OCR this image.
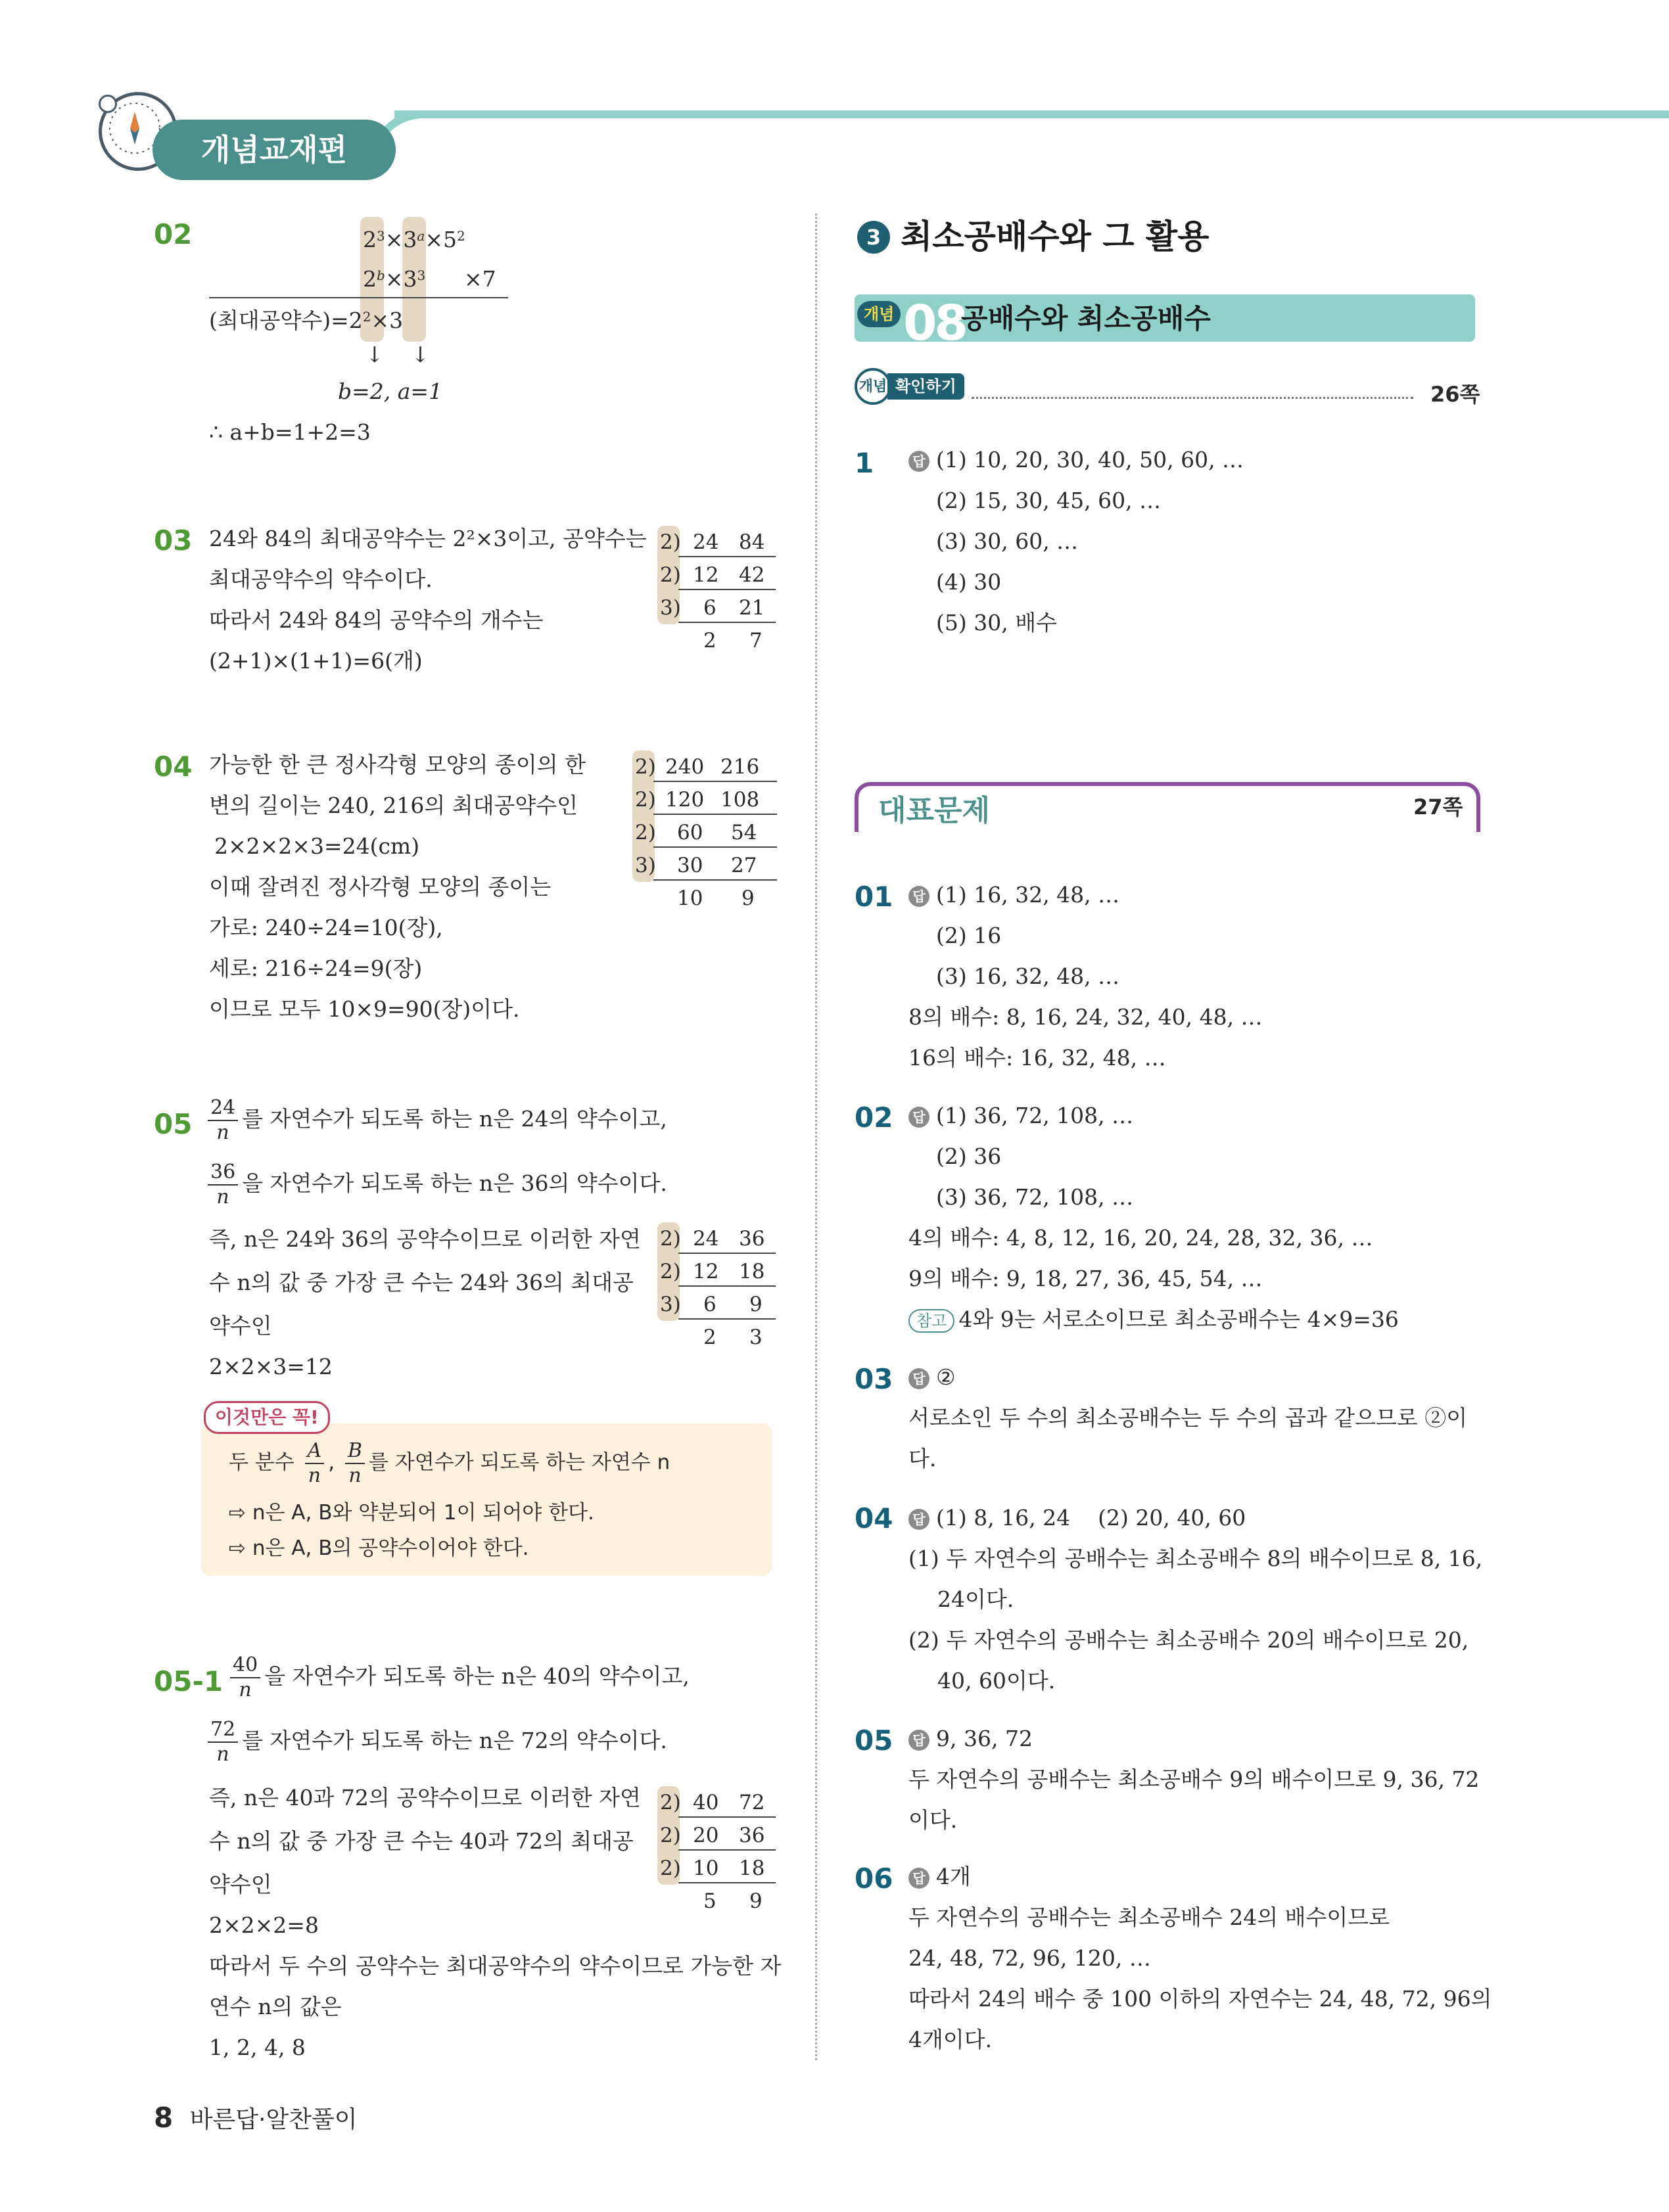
개념교재편
02	$2^3\times 3^a\times 5^2$
$2^b\times 3^3 \times 7$
(최대공약수)$=2^2\times 3$
↓    ↓
b=2, a=1
∴ a+b=1+2=3
03 24와 84의 최대공약수는 2²×3이고, 공약수는
최대공약수의 약수이다.
따라서 24와 84의 공약수의 개수는
(2+1)×(1+1)=6(개)
2) 24 84
2) 12 42
3) 6 21
2 7
04 가능한 한 큰 정사각형 모양의 종이의 한
변의 길이는 240, 216의 최대공약수인
2×2×2×3=24(cm)
이때 잘려진 정사각형 모양의 종이는
가로: 240÷24=10(장),
세로: 216÷24=9(장)
이므로 모두 10×9=90(장)이다.
2) 240 216
2) 120 108
2) 60 54
3) 30 27
10 9
$05 \frac{24}{n}$ 를 자연수가 되도록 하는 n은 24의 약수이고,
$\frac{36}{n}$ 을 자연수가 되도록 하는 n은 36의 약수이다.
즉, n은 24와 36의 공약수이므로 이러한 자연
수 n의 값 중 가장 큰 수는 24와 36의 최대공
약수인
2×2×3=12
2) 24 36
2) 12 18
3) 6 9
2 3
이것만은 꼭!
두 분수 $\frac{A}{n}$ , $\frac{B}{n}$ 를 자연수가 되도록 하는 자연수 n
⇨ n은 A, B와 약분되어 1이 되어야 한다.
⇨ n은 A, B의 공약수이어야 한다.
$05-1 \frac{40}{n}$ 을 자연수가 되도록 하는 n은 40의 약수이고,
$\frac{72}{n}$ 를 자연수가 되도록 하는 n은 72의 약수이다.
즉, n은 40과 72의 공약수이므로 이러한 자연
수 n의 값 중 가장 큰 수는 40과 72의 최대공
약수인
2×2×2=8
따라서 두 수의 공약수는 최대공약수의 약수이므로 가능한 자
연수 n의 값은
1, 2, 4, 8
2) 40 72
2) 20 36
2) 10 18
5 9
8 바른답·알찬풀이
3 최소공배수와 그 활용
개념 08
공배수와 최소공배수
개념 확인하기	26쪽
1	답 (1) 10, 20, 30, 40, 50, 60, …
(2) 15, 30, 45, 60, …
(3) 30, 60, …
(4) 30
(5) 30, 배수
대표문제	27쪽
01	답 (1) 16, 32, 48, …
(2) 16
(3) 16, 32, 48, …
8의 배수: 8, 16, 24, 32, 40, 48, …
16의 배수: 16, 32, 48, …
02	답 (1) 36, 72, 108, …
(2) 36
(3) 36, 72, 108, …
4의 배수: 4, 8, 12, 16, 20, 24, 28, 32, 36, …
9의 배수: 9, 18, 27, 36, 45, 54, …
참고 4와 9는 서로소이므로 최소공배수는 4×9=36
03	답 ②
서로소인 두 수의 최소공배수는 두 수의 곱과 같으므로 ②이
다.
04	답 (1) 8, 16, 24    (2) 20, 40, 60
(1) 두 자연수의 공배수는 최소공배수 8의 배수이므로 8, 16,
24이다.
(2) 두 자연수의 공배수는 최소공배수 20의 배수이므로 20,
40, 60이다.
05	답 9, 36, 72
두 자연수의 공배수는 최소공배수 9의 배수이므로 9, 36, 72
이다.
06	답 4개
두 자연수의 공배수는 최소공배수 24의 배수이므로
24, 48, 72, 96, 120, …
따라서 24의 배수 중 100 이하의 자연수는 24, 48, 72, 96의
4개이다.
